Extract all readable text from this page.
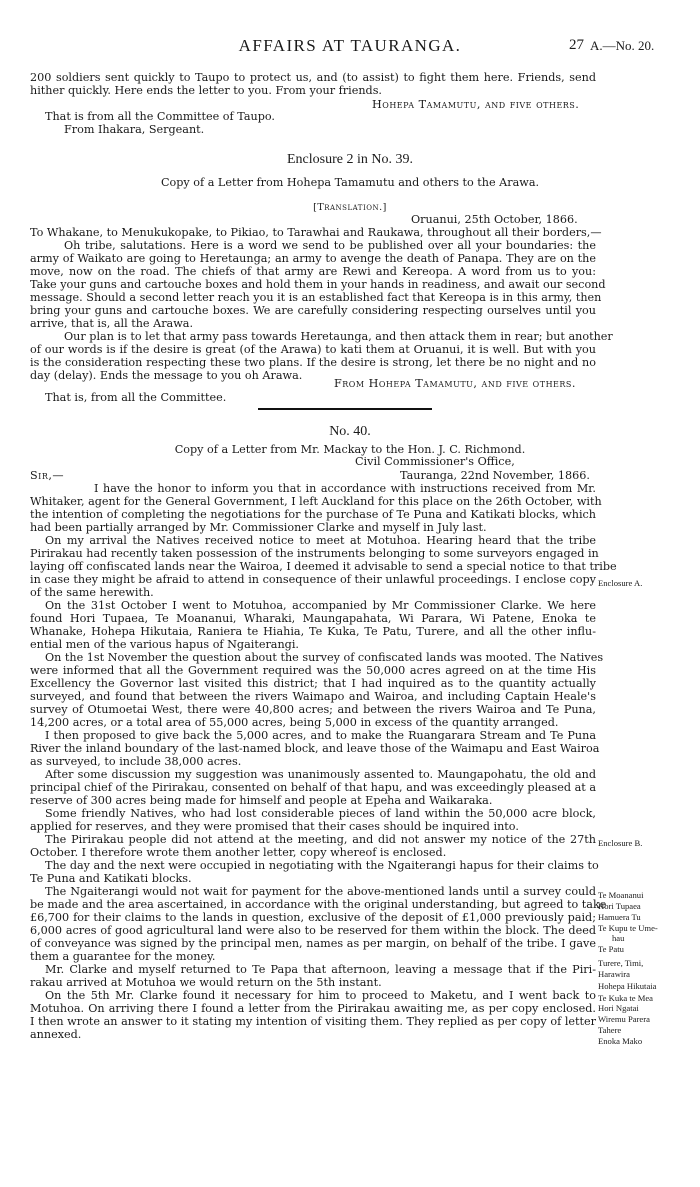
AFFAIRS AT TAURANGA.	27 A.—No. 20.
200 soldiers sent quickly to Taupo to protect us, and (to assist) to fight them here. Friends, send
hither quickly. Here ends the letter to you. From your friends.
Hohepa Tamamutu, and five others.
That is from all the Committee of Taupo.
From Ihakara, Sergeant.
Enclosure 2 in No. 39.
Copy of a Letter from Hohepa Tamamutu and others to the Arawa.
[Translation.]
Oruanui, 25th October, 1866.
To Whakane, to Menukukopake, to Pikiao, to Tarawhai and Raukawa, throughout all their borders,—
Oh tribe, salutations. Here is a word we send to be published over all your boundaries: the
army of Waikato are going to Heretaunga; an army to avenge the death of Panapa. They are on the
move, now on the road. The chiefs of that army are Rewi and Kereopa. A word from us to you:
Take your guns and cartouche boxes and hold them in your hands in readiness, and await our second
message. Should a second letter reach you it is an established fact that Kereopa is in this army, then
bring your guns and cartouche boxes. We are carefully considering respecting ourselves until you
arrive, that is, all the Arawa.
Our plan is to let that army pass towards Heretaunga, and then attack them in rear; but another
of our words is if the desire is great (of the Arawa) to kati them at Oruanui, it is well. But with you
is the consideration respecting these two plans. If the desire is strong, let there be no night and no
day (delay). Ends the message to you oh Arawa.
From Hohepa Tamamutu, and five others.
That is, from all the Committee.
No. 40.
Copy of a Letter from Mr. Mackay to the Hon. J. C. Richmond.
Civil Commissioner's Office,
Tauranga, 22nd November, 1866.
Sir,—
I have the honor to inform you that in accordance with instructions received from Mr.
Whitaker, agent for the General Government, I left Auckland for this place on the 26th October, with
the intention of completing the negotiations for the purchase of Te Puna and Katikati blocks, which
had been partially arranged by Mr. Commissioner Clarke and myself in July last.
On my arrival the Natives received notice to meet at Motuhoa. Hearing heard that the tribe
Pirirakau had recently taken possession of the instruments belonging to some surveyors engaged in
laying off confiscated lands near the Wairoa, I deemed it advisable to send a special notice to that tribe
in case they might be afraid to attend in consequence of their unlawful proceedings. I enclose copy
of the same herewith.
On the 31st October I went to Motuhoa, accompanied by Mr Commissioner Clarke. We here
found Hori Tupaea, Te Moananui, Wharaki, Maungapahata, Wi Parara, Wi Patene, Enoka te
Whanake, Hohepa Hikutaia, Raniera te Hiahia, Te Kuka, Te Patu, Turere, and all the other influ-
ential men of the various hapus of Ngaiterangi.
On the 1st November the question about the survey of confiscated lands was mooted. The Natives
were informed that all the Government required was the 50,000 acres agreed on at the time His
Excellency the Governor last visited this district; that I had inquired as to the quantity actually
surveyed, and found that between the rivers Waimapo and Wairoa, and including Captain Heale's
survey of Otumoetai West, there were 40,800 acres; and between the rivers Wairoa and Te Puna,
14,200 acres, or a total area of 55,000 acres, being 5,000 in excess of the quantity arranged.
I then proposed to give back the 5,000 acres, and to make the Ruangarara Stream and Te Puna
River the inland boundary of the last-named block, and leave those of the Waimapu and East Wairoa
as surveyed, to include 38,000 acres.
After some discussion my suggestion was unanimously assented to. Maungapohatu, the old and
principal chief of the Pirirakau, consented on behalf of that hapu, and was exceedingly pleased at a
reserve of 300 acres being made for himself and people at Epeha and Waikaraka.
Some friendly Natives, who had lost considerable pieces of land within the 50,000 acre block,
applied for reserves, and they were promised that their cases should be inquired into.
The Pirirakau people did not attend at the meeting, and did not answer my notice of the 27th
October. I therefore wrote them another letter, copy whereof is enclosed.
The day and the next were occupied in negotiating with the Ngaiterangi hapus for their claims to
Te Puna and Katikati blocks.
The Ngaiterangi would not wait for payment for the above-mentioned lands until a survey could
be made and the area ascertained, in accordance with the original understanding, but agreed to take
£6,700 for their claims to the lands in question, exclusive of the deposit of £1,000 previously paid;
6,000 acres of good agricultural land were also to be reserved for them within the block. The deed
of conveyance was signed by the principal men, names as per margin, on behalf of the tribe. I gave
them a guarantee for the money.
Mr. Clarke and myself returned to Te Papa that afternoon, leaving a message that if the Piri-
rakau arrived at Motuhoa we would return on the 5th instant.
On the 5th Mr. Clarke found it necessary for him to proceed to Maketu, and I went back to
Motuhoa. On arriving there I found a letter from the Pirirakau awaiting me, as per copy enclosed.
I then wrote an answer to it stating my intention of visiting them. They replied as per copy of letter
annexed.
Enclosure A.
Enclosure B.
Te Moananui
Hori Tupaea
Hamuera Tu
Te Kupu te Ume-
hau
Te Patu
Turere, Timi,
Harawira
Hohepa Hikutaia
Te Kuka te Mea
Hori Ngatai
Wiremu Parera
Tahere
Enoka Mako
